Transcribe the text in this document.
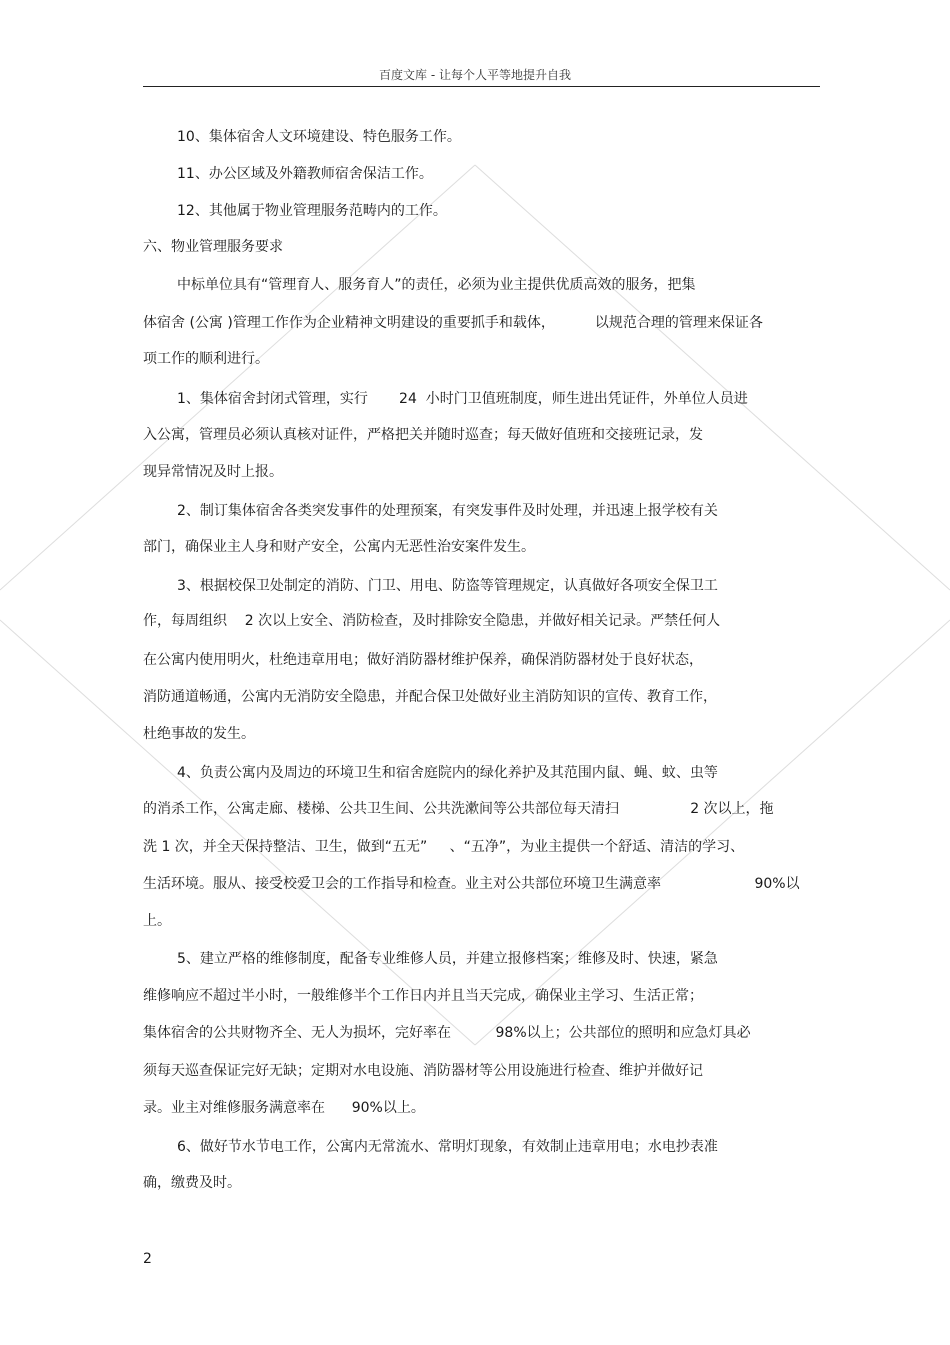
百度文库 - 让每个人平等地提升自我
10、集体宿舍人文环境建设、特色服务工作。
11、办公区域及外籍教师宿舍保洁工作。
12、其他属于物业管理服务范畴内的工作。
六、物业管理服务要求
中标单位具有“管理育人、服务育人”的责任，必须为业主提供优质高效的服务，把集
体宿舍 (公寓 )管理工作作为企业精神文明建设的重要抓手和载体，         以规范合理的管理来保证各
项工作的顺利进行。
1、集体宿舍封闭式管理，实行       24  小时门卫值班制度，师生进出凭证件，外单位人员进
入公寓，管理员必须认真核对证件，严格把关并随时巡查；每天做好值班和交接班记录，发
现异常情况及时上报。
2、制订集体宿舍各类突发事件的处理预案，有突发事件及时处理，并迅速上报学校有关
部门，确保业主人身和财产安全，公寓内无恶性治安案件发生。
3、根据校保卫处制定的消防、门卫、用电、防盗等管理规定，认真做好各项安全保卫工
作，每周组织    2 次以上安全、消防检查，及时排除安全隐患，并做好相关记录。严禁任何人
在公寓内使用明火，杜绝违章用电；做好消防器材维护保养，确保消防器材处于良好状态，
消防通道畅通，公寓内无消防安全隐患，并配合保卫处做好业主消防知识的宣传、教育工作，
杜绝事故的发生。
4、负责公寓内及周边的环境卫生和宿舍庭院内的绿化养护及其范围内鼠、蝇、蚊、虫等
的消杀工作，公寓走廊、楼梯、公共卫生间、公共洗漱间等公共部位每天清扫                2 次以上，拖
洗 1 次，并全天保持整洁、卫生，做到“五无”     、“五净”，为业主提供一个舒适、清洁的学习、
生活环境。服从、接受校爱卫会的工作指导和检查。业主对公共部位环境卫生满意率                     90%以
上。
5、建立严格的维修制度，配备专业维修人员，并建立报修档案；维修及时、快速，紧急
维修响应不超过半小时，一般维修半个工作日内并且当天完成，确保业主学习、生活正常；
集体宿舍的公共财物齐全、无人为损坏，完好率在          98%以上；公共部位的照明和应急灯具必
须每天巡查保证完好无缺；定期对水电设施、消防器材等公用设施进行检查、维护并做好记
录。业主对维修服务满意率在      90%以上。
6、做好节水节电工作，公寓内无常流水、常明灯现象，有效制止违章用电；水电抄表准
确，缴费及时。
2
